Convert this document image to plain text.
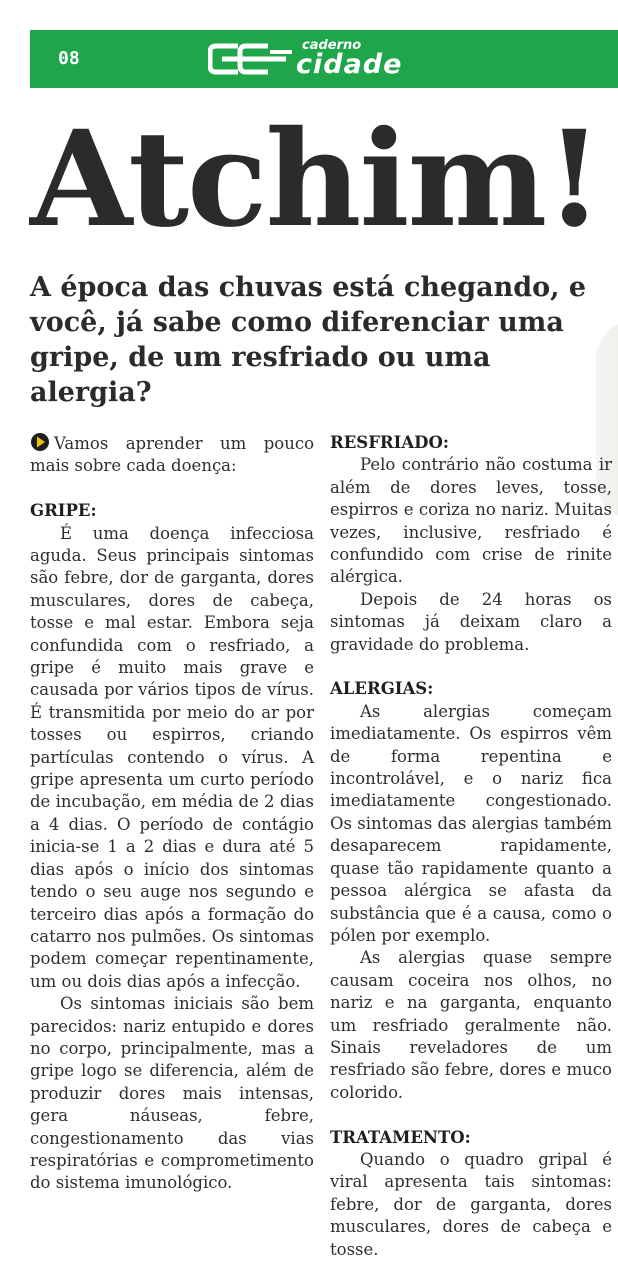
08
caderno
cidade
Atchim!
A época das chuvas está chegando, e você, já sabe como diferenciar uma gripe, de um resfriado ou uma alergia?

Vamos aprender um pouco mais sobre cada doença:

GRIPE:

É uma doença infecciosa aguda. Seus principais sintomas são febre, dor de garganta, dores musculares, dores de cabeça, tosse e mal estar. Embora seja confundida com o resfriado, a gripe é muito mais grave e causada por vários tipos de vírus. É transmitida por meio do ar por tosses ou espirros, criando partículas contendo o vírus. A gripe apresenta um curto período de incubação, em média de 2 dias a 4 dias. O período de contágio inicia-se 1 a 2 dias e dura até 5 dias após o início dos sintomas tendo o seu auge nos segundo e terceiro dias após a formação do catarro nos pulmões. Os sintomas podem começar repentinamente, um ou dois dias após a infecção.

Os sintomas iniciais são bem parecidos: nariz entupido e dores no corpo, principalmente, mas a gripe logo se diferencia, além de produzir dores mais intensas, gera náuseas, febre, congestionamento das vias respiratórias e comprometimento do sistema imunológico.

RESFRIADO:

Pelo contrário não costuma ir além de dores leves, tosse, espirros e coriza no nariz. Muitas vezes, inclusive, resfriado é confundido com crise de rinite alérgica.

Depois de 24 horas os sintomas já deixam claro a gravidade do problema.

ALERGIAS:

As alergias começam imediatamente. Os espirros vêm de forma repentina e incontrolável, e o nariz fica imediatamente congestionado. Os sintomas das alergias também desaparecem rapidamente, quase tão rapidamente quanto a pessoa alérgica se afasta da substância que é a causa, como o pólen por exemplo.

As alergias quase sempre causam coceira nos olhos, no nariz e na garganta, enquanto um resfriado geralmente não. Sinais reveladores de um resfriado são febre, dores e muco colorido.

TRATAMENTO:

Quando o quadro gripal é viral apresenta tais sintomas: febre, dor de garganta, dores musculares, dores de cabeça e tosse.
